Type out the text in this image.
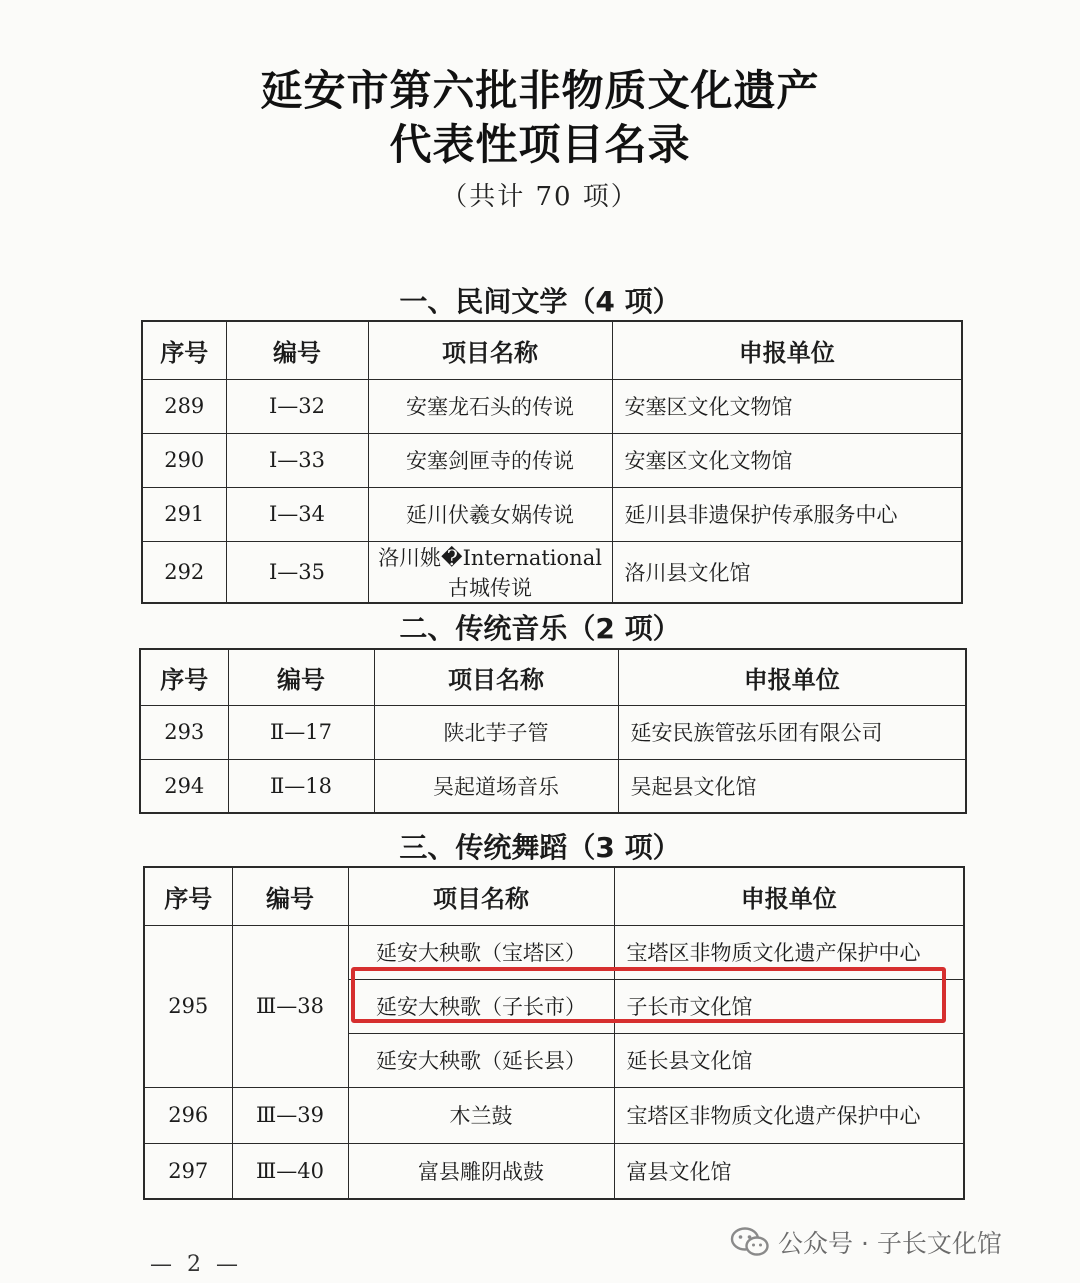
延安市第六批非物质文化遗产
代表性项目名录
（共计 70 项）
一、民间文学（4 项）
序号	编号	项目名称	申报单位
289	Ⅰ—32	安塞龙石头的传说	安塞区文化文物馆
290	Ⅰ—33	安塞剑匣寺的传说	安塞区文化文物馆
291	Ⅰ—34	延川伏羲女娲传说	延川县非遗保护传承服务中心
292	Ⅰ—35	洛川姚�International古城传说	洛川县文化馆
二、传统音乐（2 项）
序号	编号	项目名称	申报单位
293	Ⅱ—17	陕北芋子管	延安民族管弦乐团有限公司
294	Ⅱ—18	吴起道场音乐	吴起县文化馆
三、传统舞蹈（3 项）
序号	编号	项目名称	申报单位
295	Ⅲ—38	延安大秧歌（宝塔区）	宝塔区非物质文化遗产保护中心
		延安大秧歌（子长市）	子长市文化馆
		延安大秧歌（延长县）	延长县文化馆
296	Ⅲ—39	木兰鼓	宝塔区非物质文化遗产保护中心
297	Ⅲ—40	富县雕阴战鼓	富县文化馆
— 2 —
公众号 · 子长文化馆
